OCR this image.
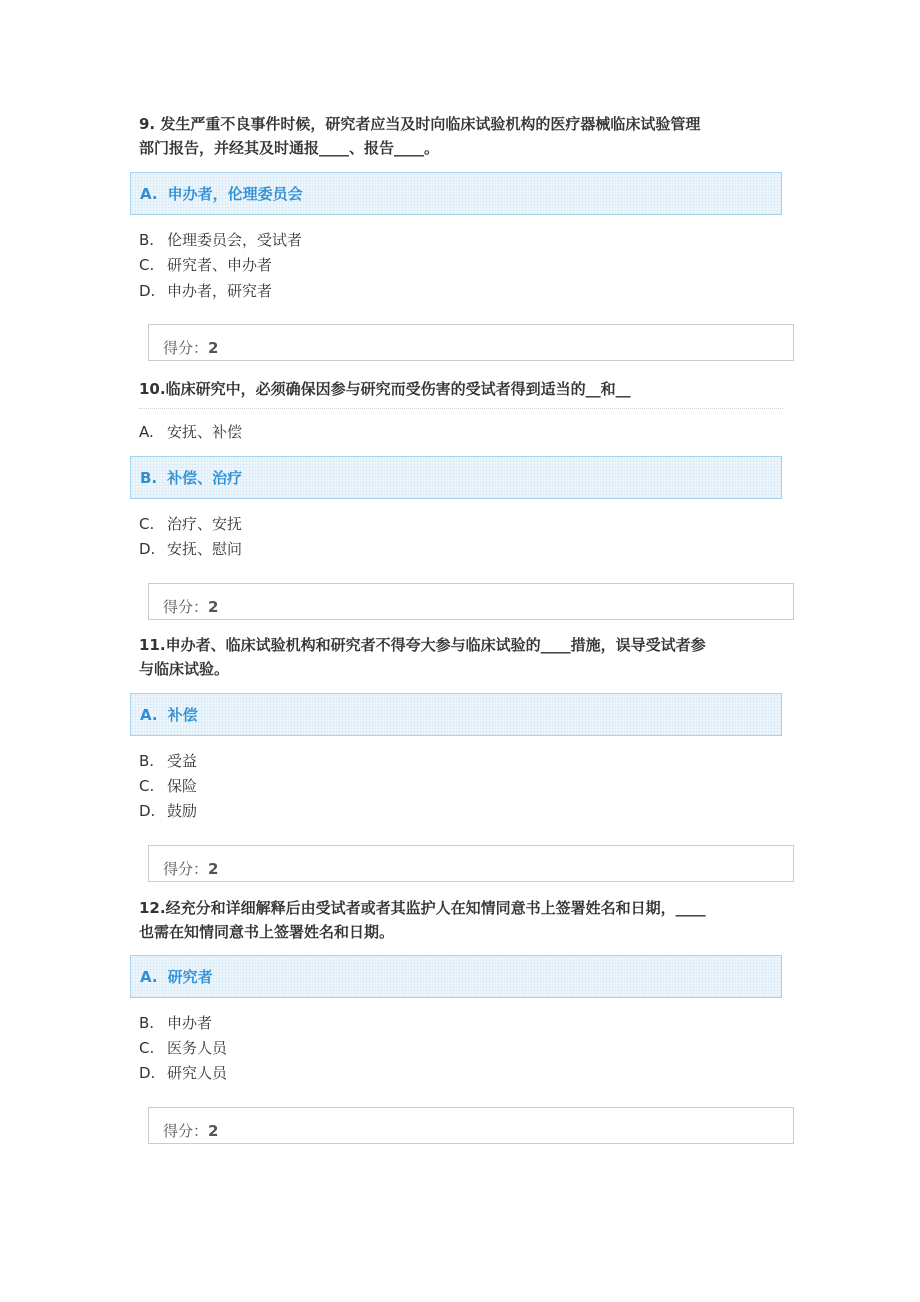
9. 发生严重不良事件时候，研究者应当及时向临床试验机构的医疗器械临床试验管理
部门报告，并经其及时通报____、报告____。
A. 申办者，伦理委员会
B. 伦理委员会，受试者
C. 研究者、申办者
D. 申办者，研究者
得分：2
10.临床研究中，必须确保因参与研究而受伤害的受试者得到适当的__和__
A. 安抚、补偿
B. 补偿、治疗
C. 治疗、安抚
D. 安抚、慰问
得分：2
11.申办者、临床试验机构和研究者不得夸大参与临床试验的____措施，误导受试者参
与临床试验。
A. 补偿
B. 受益
C. 保险
D. 鼓励
得分：2
12.经充分和详细解释后由受试者或者其监护人在知情同意书上签署姓名和日期，____
也需在知情同意书上签署姓名和日期。
A. 研究者
B. 申办者
C. 医务人员
D. 研究人员
得分：2
